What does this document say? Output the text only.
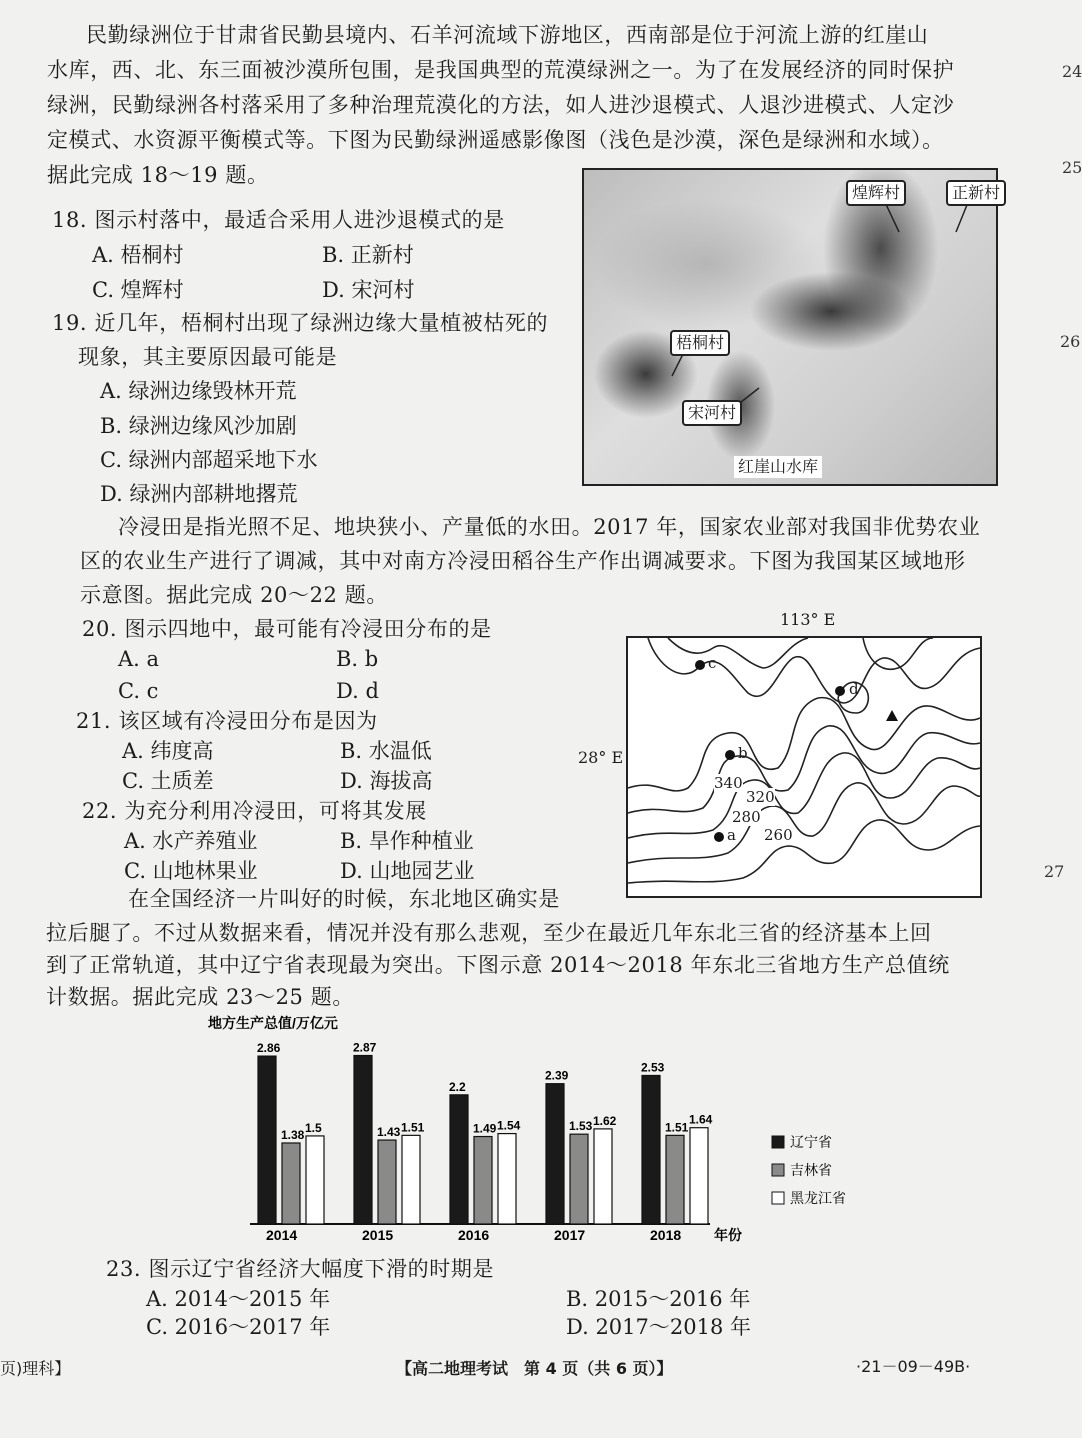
民勤绿洲位于甘肃省民勤县境内、石羊河流域下游地区，西南部是位于河流上游的红崖山
水库，西、北、东三面被沙漠所包围，是我国典型的荒漠绿洲之一。为了在发展经济的同时保护
绿洲，民勤绿洲各村落采用了多种治理荒漠化的方法，如人进沙退模式、人退沙进模式、人定沙
定模式、水资源平衡模式等。下图为民勤绿洲遥感影像图（浅色是沙漠，深色是绿洲和水域）。
据此完成 18～19 题。
18. 图示村落中，最适合采用人进沙退模式的是
A. 梧桐村	B. 正新村
C. 煌辉村	D. 宋河村
19. 近几年，梧桐村出现了绿洲边缘大量植被枯死的
现象，其主要原因最可能是
A. 绿洲边缘毁林开荒
B. 绿洲边缘风沙加剧
C. 绿洲内部超采地下水
D. 绿洲内部耕地撂荒
煌辉村	正新村
梧桐村
宋河村
红崖山水库
冷浸田是指光照不足、地块狭小、产量低的水田。2017 年，国家农业部对我国非优势农业
区的农业生产进行了调减，其中对南方冷浸田稻谷生产作出调减要求。下图为我国某区域地形
示意图。据此完成 20～22 题。
20. 图示四地中，最可能有冷浸田分布的是
A. a	B. b
C. c	D. d
21. 该区域有冷浸田分布是因为
A. 纬度高	B. 水温低
C. 土质差	D. 海拔高
22. 为充分利用冷浸田，可将其发展
A. 水产养殖业	B. 旱作种植业
C. 山地林果业	D. 山地园艺业
113° E
28° E
c
d
b
340
320
280
a 260
在全国经济一片叫好的时候，东北地区确实是
拉后腿了。不过从数据来看，情况并没有那么悲观，至少在最近几年东北三省的经济基本上回
到了正常轨道，其中辽宁省表现最为突出。下图示意 2014～2018 年东北三省地方生产总值统
计数据。据此完成 23～25 题。
地方生产总值/万亿元
年份
2.86
1.38
1.5
2014
2.87
1.43 1.51
2015
2.2
1.49 1.54
2016
2.39
1.53 1.62
2017
2.53
1.51
1.64
2018
辽宁省
吉林省
黑龙江省
23. 图示辽宁省经济大幅度下滑的时期是
A. 2014～2015 年	B. 2015～2016 年
C. 2016～2017 年	D. 2017～2018 年
页)理科】	【高二地理考试　第 4 页（共 6 页）】	·21－09－49B·
24
25
26
27
